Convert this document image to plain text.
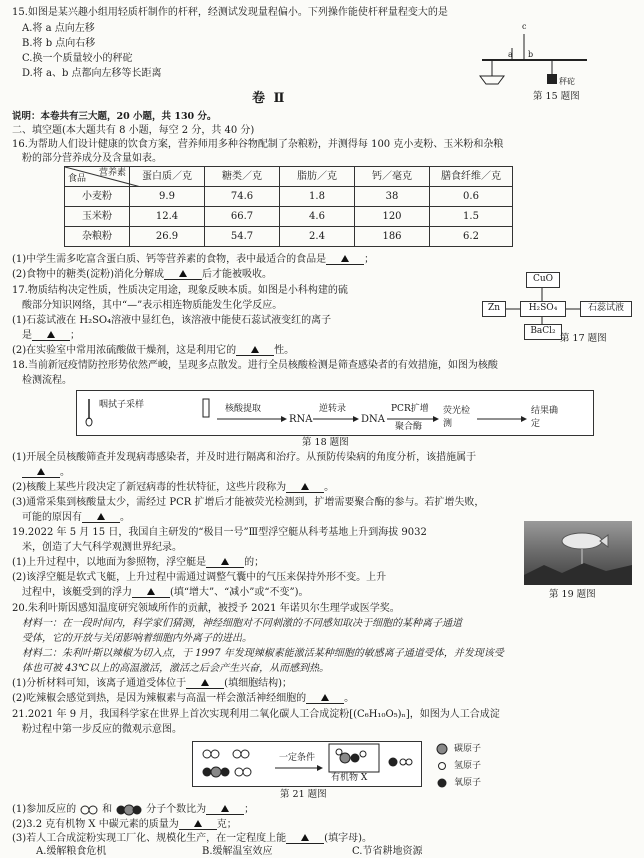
15.如图是某兴趣小组用轻质杆制作的杆秤，经测试发现量程偏小。下列操作能使杆秤量程变大的是
A.将 a 点向左移
B.将 b 点向右移
C.换一个质量较小的秤砣
D.将 a、b 点都向左移等长距离
a
c
b
秤砣
第 15 题图
卷 Ⅱ
说明：本卷共有三大题，20 小题，共 130 分。
二、填空题(本大题共有 8 小题，每空 2 分，共 40 分)
16.为帮助人们设计健康的饮食方案，营养师用多种谷物配制了杂粮粉，并测得每 100 克小麦粉、玉米粉和杂粮
粉的部分营养成分及含量如表。
营养素
食品	蛋白质／克	糖类／克	脂肪／克	钙／毫克	膳食纤维／克
小麦粉	9.9	74.6	1.8	38	0.6
玉米粉	12.4	66.7	4.6	120	1.5
杂粮粉	26.9	54.7	2.4	186	6.2
(1)中学生需多吃富含蛋白质、钙等营养素的食物，表中最适合的食品是	；
(2)食物中的糖类(淀粉)消化分解成	后才能被吸收。
17.物质结构决定性质，性质决定用途，现象反映本质。如图是小科构建的硫
酸部分知识网络，其中“—”表示相连物质能发生化学反应。
(1)石蕊试液在 H₂SO₄溶液中显红色，该溶液中能使石蕊试液变红的离子
是	；
(2)在实验室中常用浓硫酸做干燥剂，这是利用它的	性。
CuO
Zn	H₂SO₄	石蕊试液
BaCl₂
第 17 题图
18.当前新冠疫情防控形势依然严峻，呈现多点散发。进行全员核酸检测是筛查感染者的有效措施，如图为核酸
检测流程。
咽拭子采样	核酸提取
RNA
逆转录
DNA
PCR扩增
聚合酶
荧光检测
结果确定
第 18 题图
(1)开展全员核酸筛查并发现病毒感染者，并及时进行隔离和治疗。从预防传染病的角度分析，该措施属于
。
(2)核酸上某些片段决定了新冠病毒的性状特征，这些片段称为	。
(3)通常采集到核酸量太少，需经过 PCR 扩增后才能被荧光检测到，扩增需要聚合酶的参与。若扩增失败，
可能的原因有	。
19.2022 年 5 月 15 日，我国自主研发的“极目一号”Ⅲ型浮空艇从科考基地上升到海拔 9032
米，创造了大气科学观测世界纪录。
(1)上升过程中，以地面为参照物，浮空艇是	的；
(2)该浮空艇是软式飞艇，上升过程中需通过调整气囊中的气压来保持外形不变。上升
过程中，该艇受到的浮力	(填“增大”、“减小”或“不变”)。	第 19 题图
20.朱利叶斯因感知温度研究领域所作的贡献，被授予 2021 年诺贝尔生理学或医学奖。
材料一：在一段时间内，科学家们猜测，神经细胞对不同刺激的不同感知取决于细胞的某种离子通道
受体，它的开放与关闭影响着细胞内外离子的进出。
材料二：朱利叶斯以辣椒为切入点，于 1997 年发现辣椒素能激活某种细胞的敏感离子通道受体，并发现该受
体也可被 43℃以上的高温激活，激活之后会产生兴奋，从而感到热。
(1)分析材料可知，该离子通道受体位于	(填细胞结构)；
(2)吃辣椒会感觉到热，是因为辣椒素与高温一样会激活神经细胞的	。
21.2021 年 9 月，我国科学家在世界上首次实现利用二氧化碳人工合成淀粉[(C₆H₁₀O₅)ₙ]，如图为人工合成淀
粉过程中第一步反应的微观示意图。
一定条件
有机物 X
碳原子
氢原子
氧原子
第 21 题图
(1)参加反应的	和	分子个数比为	；
(2)3.2 克有机物 X 中碳元素的质量为	克；
(3)若人工合成淀粉实现工厂化、规模化生产，在一定程度上能	(填字母)。
A.缓解粮食危机	B.缓解温室效应	C.节省耕地资源
